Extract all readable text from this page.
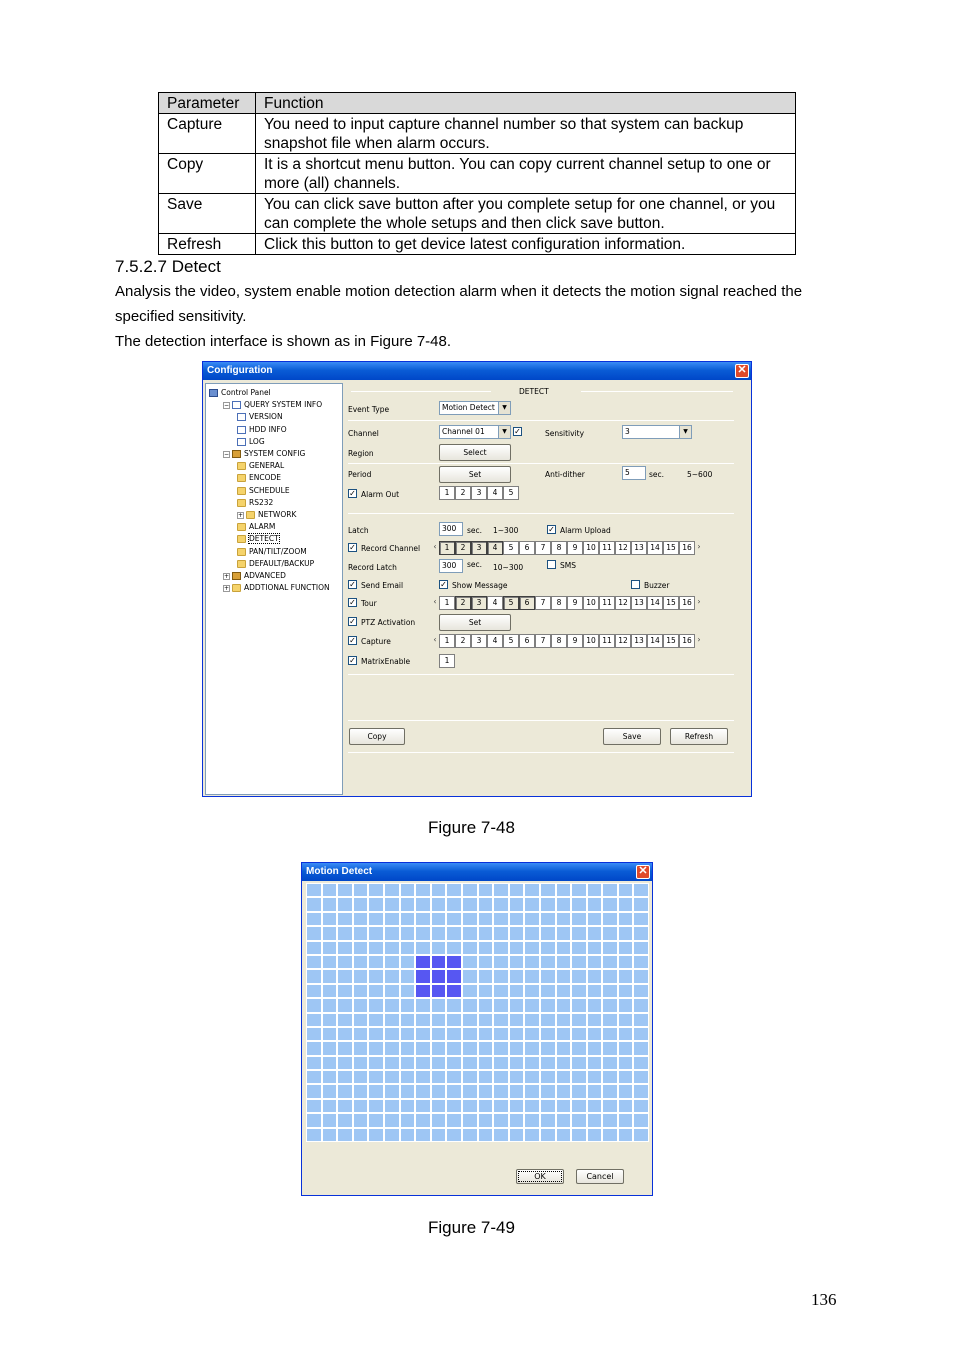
Parameter	Function
Capture	You need to input capture channel number so that system can backup snapshot file when alarm occurs.
Copy	It is a shortcut menu button. You can copy current channel setup to one or more (all) channels.
Save	You can click save button after you complete setup for one channel, or you can complete the whole setups and then click save button.
Refresh	Click this button to get device latest configuration information.
7.5.2.7 Detect
Analysis the video, system enable motion detection alarm when it detects the motion signal reached the specified sensitivity.
The detection interface is shown as in Figure 7-48.
Configuration	✕
Control Panel
− QUERY SYSTEM INFO
VERSION
HDD INFO
LOG
− SYSTEM CONFIG
GENERAL
ENCODE
SCHEDULE
RS232
+ NETWORK
ALARM
DETECT
PAN/TILT/ZOOM
DEFAULT/BACKUP
+ ADVANCED
+ ADDTIONAL FUNCTION
DETECT
Event Type	Motion Detect	▼
Channel	Channel 01	▼ ✓	Sensitivity	3	▼
Region	Select
Period	Set	Anti-dither	5	sec.	5~600
✓ Alarm Out	1	2	3	4	5
Latch	300	sec. 1~300	✓ Alarm Upload
✓ Record Channel ‹	1	2	3	4	5	6	7	8	9	10 11 12 13 14 15 16 ›
Record Latch	300	sec. 10~300	SMS
✓ Send Email	✓ Show Message	Buzzer
✓ Tour	‹	1	2	3	4	5	6	7	8	9	10 11 12 13 14 15 16 ›
✓ PTZ Activation	Set
✓ Capture	‹	1	2	3	4	5	6	7	8	9	10 11 12 13 14 15 16 ›
✓ MatrixEnable	1
Copy	Save	Refresh
Figure 7-48
Motion Detect	✕
OK	Cancel
Figure 7-49
136
